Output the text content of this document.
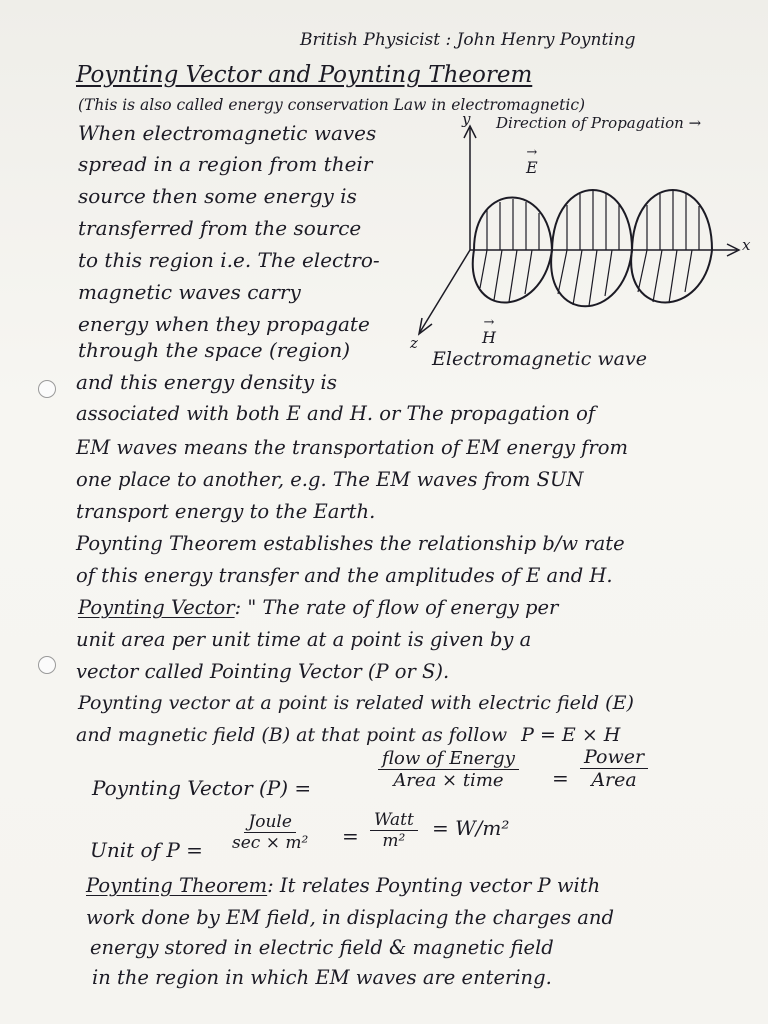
British Physicist : John Henry Poynting
Poynting Vector and Poynting Theorem
(This is also called energy conservation Law in electromagnetic)
When electromagnetic waves
spread in a region from their
source then some energy is
transferred from the source
to this region i.e. The electro-
magnetic waves carry
energy when they propagate
through the space (region)
Direction of Propagation →
y
x
z
→ E
→ H
Electromagnetic wave
and this energy density is
associated with both E and H. or The propagation of
EM waves means the transportation of EM energy from
one place to another, e.g. The EM waves from SUN
transport energy to the Earth.
Poynting Theorem establishes the relationship b/w rate
of this energy transfer and the amplitudes of E and H.
Poynting Vector: " The rate of flow of energy per
unit area per unit time at a point is given by a
vector called Pointing Vector (P or S).
Poynting vector at a point is related with electric field (E)
and magnetic field (B) at that point as follow P = E × H
Poynting Vector (P) =
flow of Energy
Area × time =
Power
Area
Unit of P =
Joule
sec × m² =
Watt
m²
= W/m²
Poynting Theorem: It relates Poynting vector P with
work done by EM field, in displacing the charges and
energy stored in electric field & magnetic field
in the region in which EM waves are entering.
